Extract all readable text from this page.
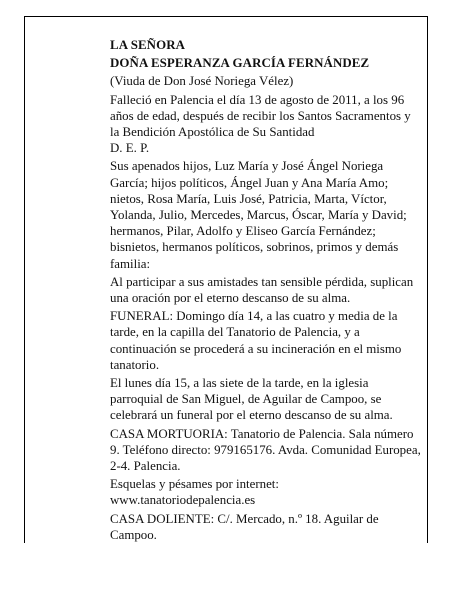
LA SEÑORA

DOÑA ESPERANZA GARCÍA FERNÁNDEZ

(Viuda de Don José Noriega Vélez)

Falleció en Palencia el día 13 de agosto de 2011, a los 96 años de edad, después de recibir los Santos Sacramentos y la Bendición Apostólica de Su Santidad
D. E. P.

Sus apenados hijos, Luz María y José Ángel Noriega García; hijos políticos, Ángel Juan y Ana María Amo; nietos, Rosa María, Luis José, Patricia, Marta, Víctor, Yolanda, Julio, Mercedes, Marcus, Óscar, María y David; hermanos, Pilar, Adolfo y Eliseo García Fernández; bisnietos, hermanos políticos, sobrinos, primos y demás familia:

Al participar a sus amistades tan sensible pérdida, suplican una oración por el eterno descanso de su alma.

FUNERAL: Domingo día 14, a las cuatro y media de la tarde, en la capilla del Tanatorio de Palencia, y a continuación se procederá a su incineración en el mismo tanatorio.

El lunes día 15, a las siete de la tarde, en la iglesia parroquial de San Miguel, de Aguilar de Campoo, se celebrará un funeral por el eterno descanso de su alma.

CASA MORTUORIA: Tanatorio de Palencia. Sala número 9. Teléfono directo: 979165176. Avda. Comunidad Europea, 2-4. Palencia.

Esquelas y pésames por internet:
www.tanatoriodepalencia.es

CASA DOLIENTE: C/. Mercado, n.º 18. Aguilar de Campoo.
